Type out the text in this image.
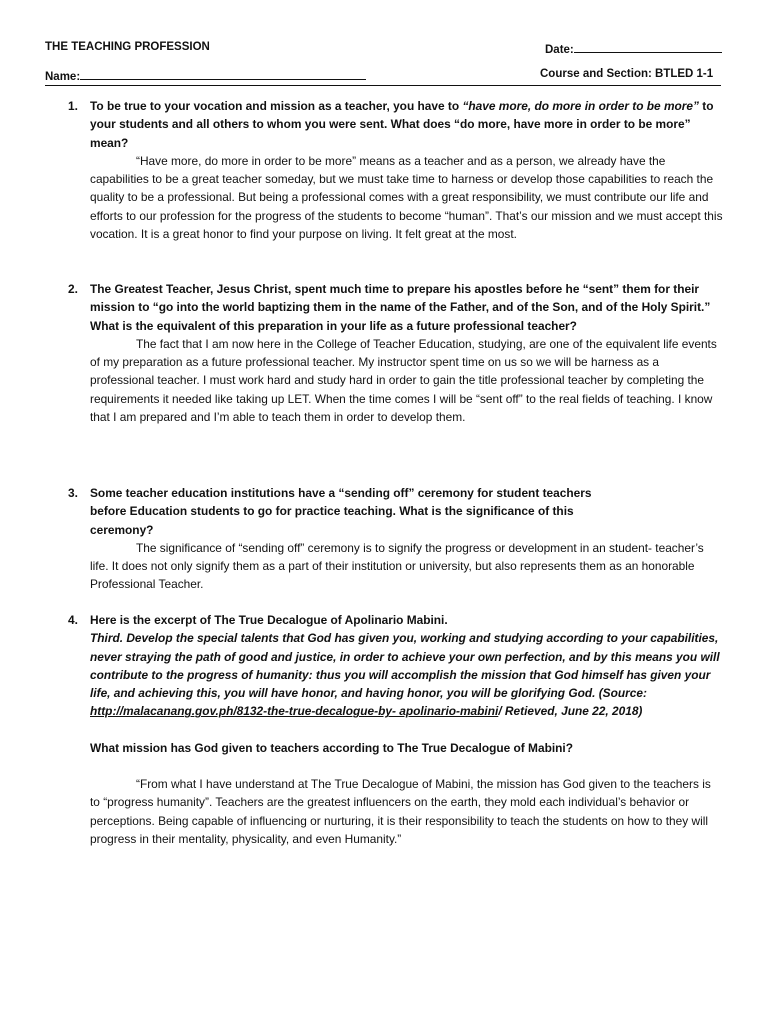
THE TEACHING PROFESSION	Date:
Name:	Course and Section: BTLED 1-1
1. To be true to your vocation and mission as a teacher, you have to “have more, do more in order to be more” to your students and all others to whom you were sent. What does “do more, have more in order to be more” mean?
“Have more, do more in order to be more” means as a teacher and as a person, we already have the capabilities to be a great teacher someday, but we must take time to harness or develop those capabilities to reach the quality to be a professional. But being a professional comes with a great responsibility, we must contribute our life and efforts to our profession for the progress of the students to become “human”. That’s our mission and we must accept this vocation. It is a great honor to find your purpose on living. It felt great at the most.
2. The Greatest Teacher, Jesus Christ, spent much time to prepare his apostles before he “sent” them for their mission to “go into the world baptizing them in the name of the Father, and of the Son, and of the Holy Spirit.” What is the equivalent of this preparation in your life as a future professional teacher?
The fact that I am now here in the College of Teacher Education, studying, are one of the equivalent life events of my preparation as a future professional teacher. My instructor spent time on us so we will be harness as a professional teacher. I must work hard and study hard in order to gain the title professional teacher by completing the requirements it needed like taking up LET. When the time comes I will be “sent off” to the real fields of teaching. I know that I am prepared and I’m able to teach them in order to develop them.
3. Some teacher education institutions have a “sending off” ceremony for student teachers
before Education students to go for practice teaching. What is the significance of this
ceremony?
The significance of “sending off” ceremony is to signify the progress or development in an student- teacher’s life. It does not only signify them as a part of their institution or university, but also represents them as an honorable Professional Teacher.
4. Here is the excerpt of The True Decalogue of Apolinario Mabini.
Third. Develop the special talents that God has given you, working and studying according to your capabilities, never straying the path of good and justice, in order to achieve your own perfection, and by this means you will contribute to the progress of humanity: thus you will accomplish the mission that God himself has given your life, and achieving this, you will have honor, and having honor, you will be glorifying God. (Source: http://malacanang.gov.ph/8132-the-true-decalogue-by- apolinario-mabini/ Retieved, June 22, 2018)
What mission has God given to teachers according to The True Decalogue of Mabini?
“From what I have understand at The True Decalogue of Mabini, the mission has God given to the teachers is to “progress humanity”. Teachers are the greatest influencers on the earth, they mold each individual’s behavior or perceptions. Being capable of influencing or nurturing, it is their responsibility to teach the students on how to they will progress in their mentality, physicality, and even Humanity.”
